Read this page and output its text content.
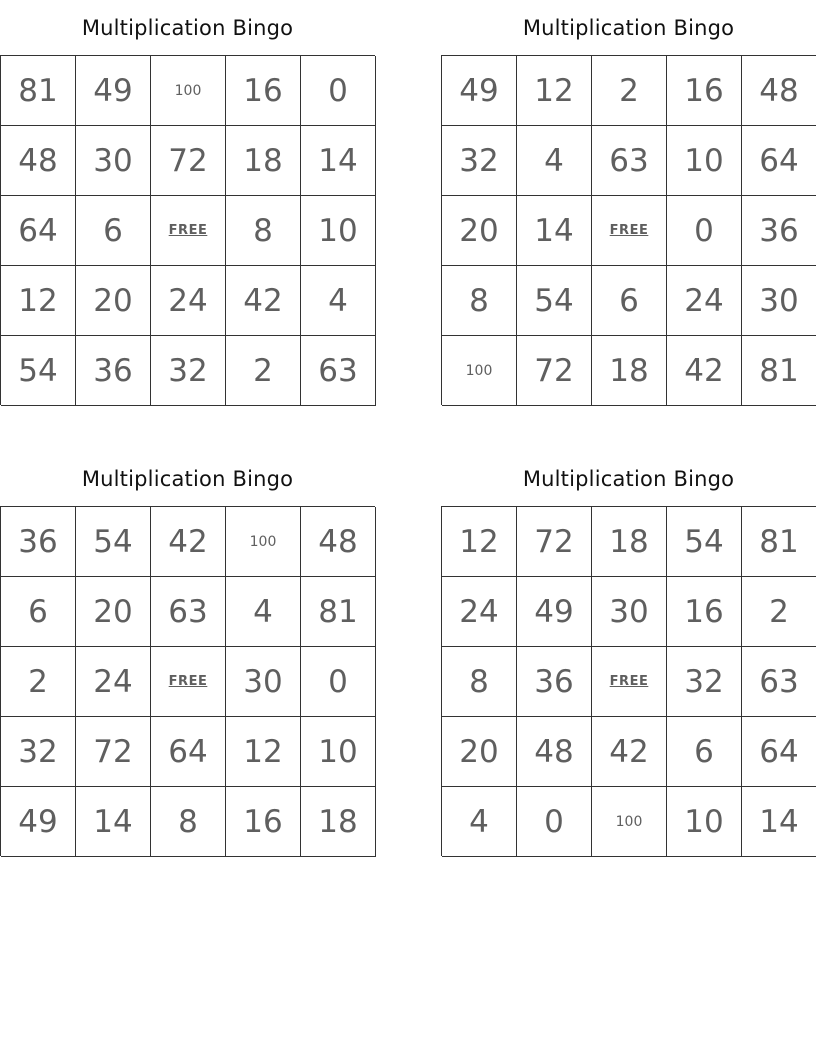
Multiplication Bingo
81	49	100	16	0
48	30	72	18	14
64	6	FREE	8	10
12	20	24	42	4
54	36	32	2	63
Multiplication Bingo
49	12	2	16	48
32	4	63	10	64
20	14	FREE	0	36
8	54	6	24	30
100	72	18	42	81
Multiplication Bingo
36	54	42	100	48
6	20	63	4	81
2	24	FREE	30	0
32	72	64	12	10
49	14	8	16	18
Multiplication Bingo
12	72	18	54	81
24	49	30	16	2
8	36	FREE	32	63
20	48	42	6	64
4	0	100	10	14
